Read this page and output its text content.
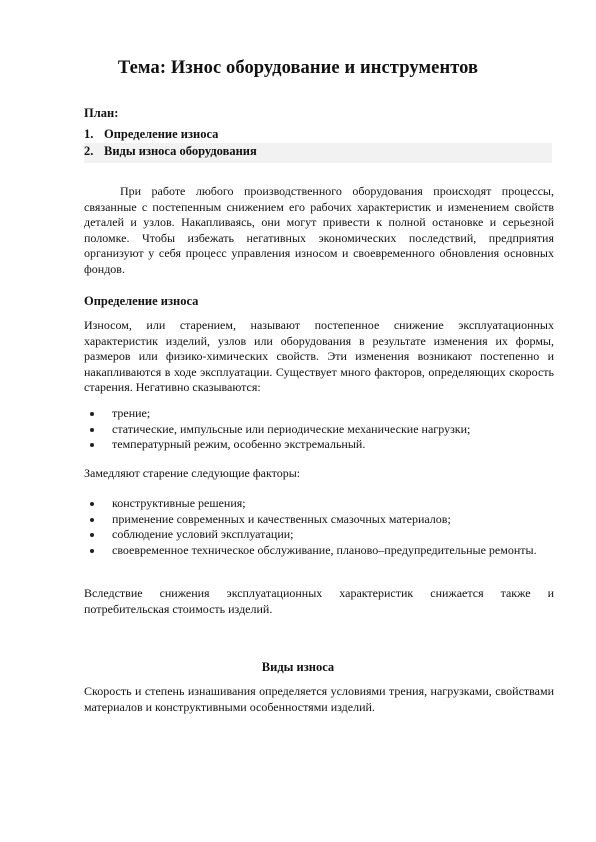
Тема: Износ оборудование и инструментов
План:
1. Определение износа
2. Виды износа оборудования

При работе любого производственного оборудования происходят процессы, связанные с постепенным снижением его рабочих характеристик и изменением свойств деталей и узлов. Накапливаясь, они могут привести к полной остановке и серьезной поломке. Чтобы избежать негативных экономических последствий, предприятия организуют у себя процесс управления износом и своевременного обновления основных фондов.

Определение износа

Износом, или старением, называют постепенное снижение эксплуатационных характеристик изделий, узлов или оборудования в результате изменения их формы, размеров или физико-химических свойств. Эти изменения возникают постепенно и накапливаются в ходе эксплуатации. Существует много факторов, определяющих скорость старения. Негативно сказываются:

трение;
статические, импульсные или периодические механические нагрузки;
температурный режим, особенно экстремальный.

Замедляют старение следующие факторы:

конструктивные решения;
применение современных и качественных смазочных материалов;
соблюдение условий эксплуатации;
своевременное техническое обслуживание, планово–предупредительные ремонты.

Вследствие снижения эксплуатационных характеристик снижается также и потребительская стоимость изделий.

Виды износа

Скорость и степень изнашивания определяется условиями трения, нагрузками, свойствами материалов и конструктивными особенностями изделий.
